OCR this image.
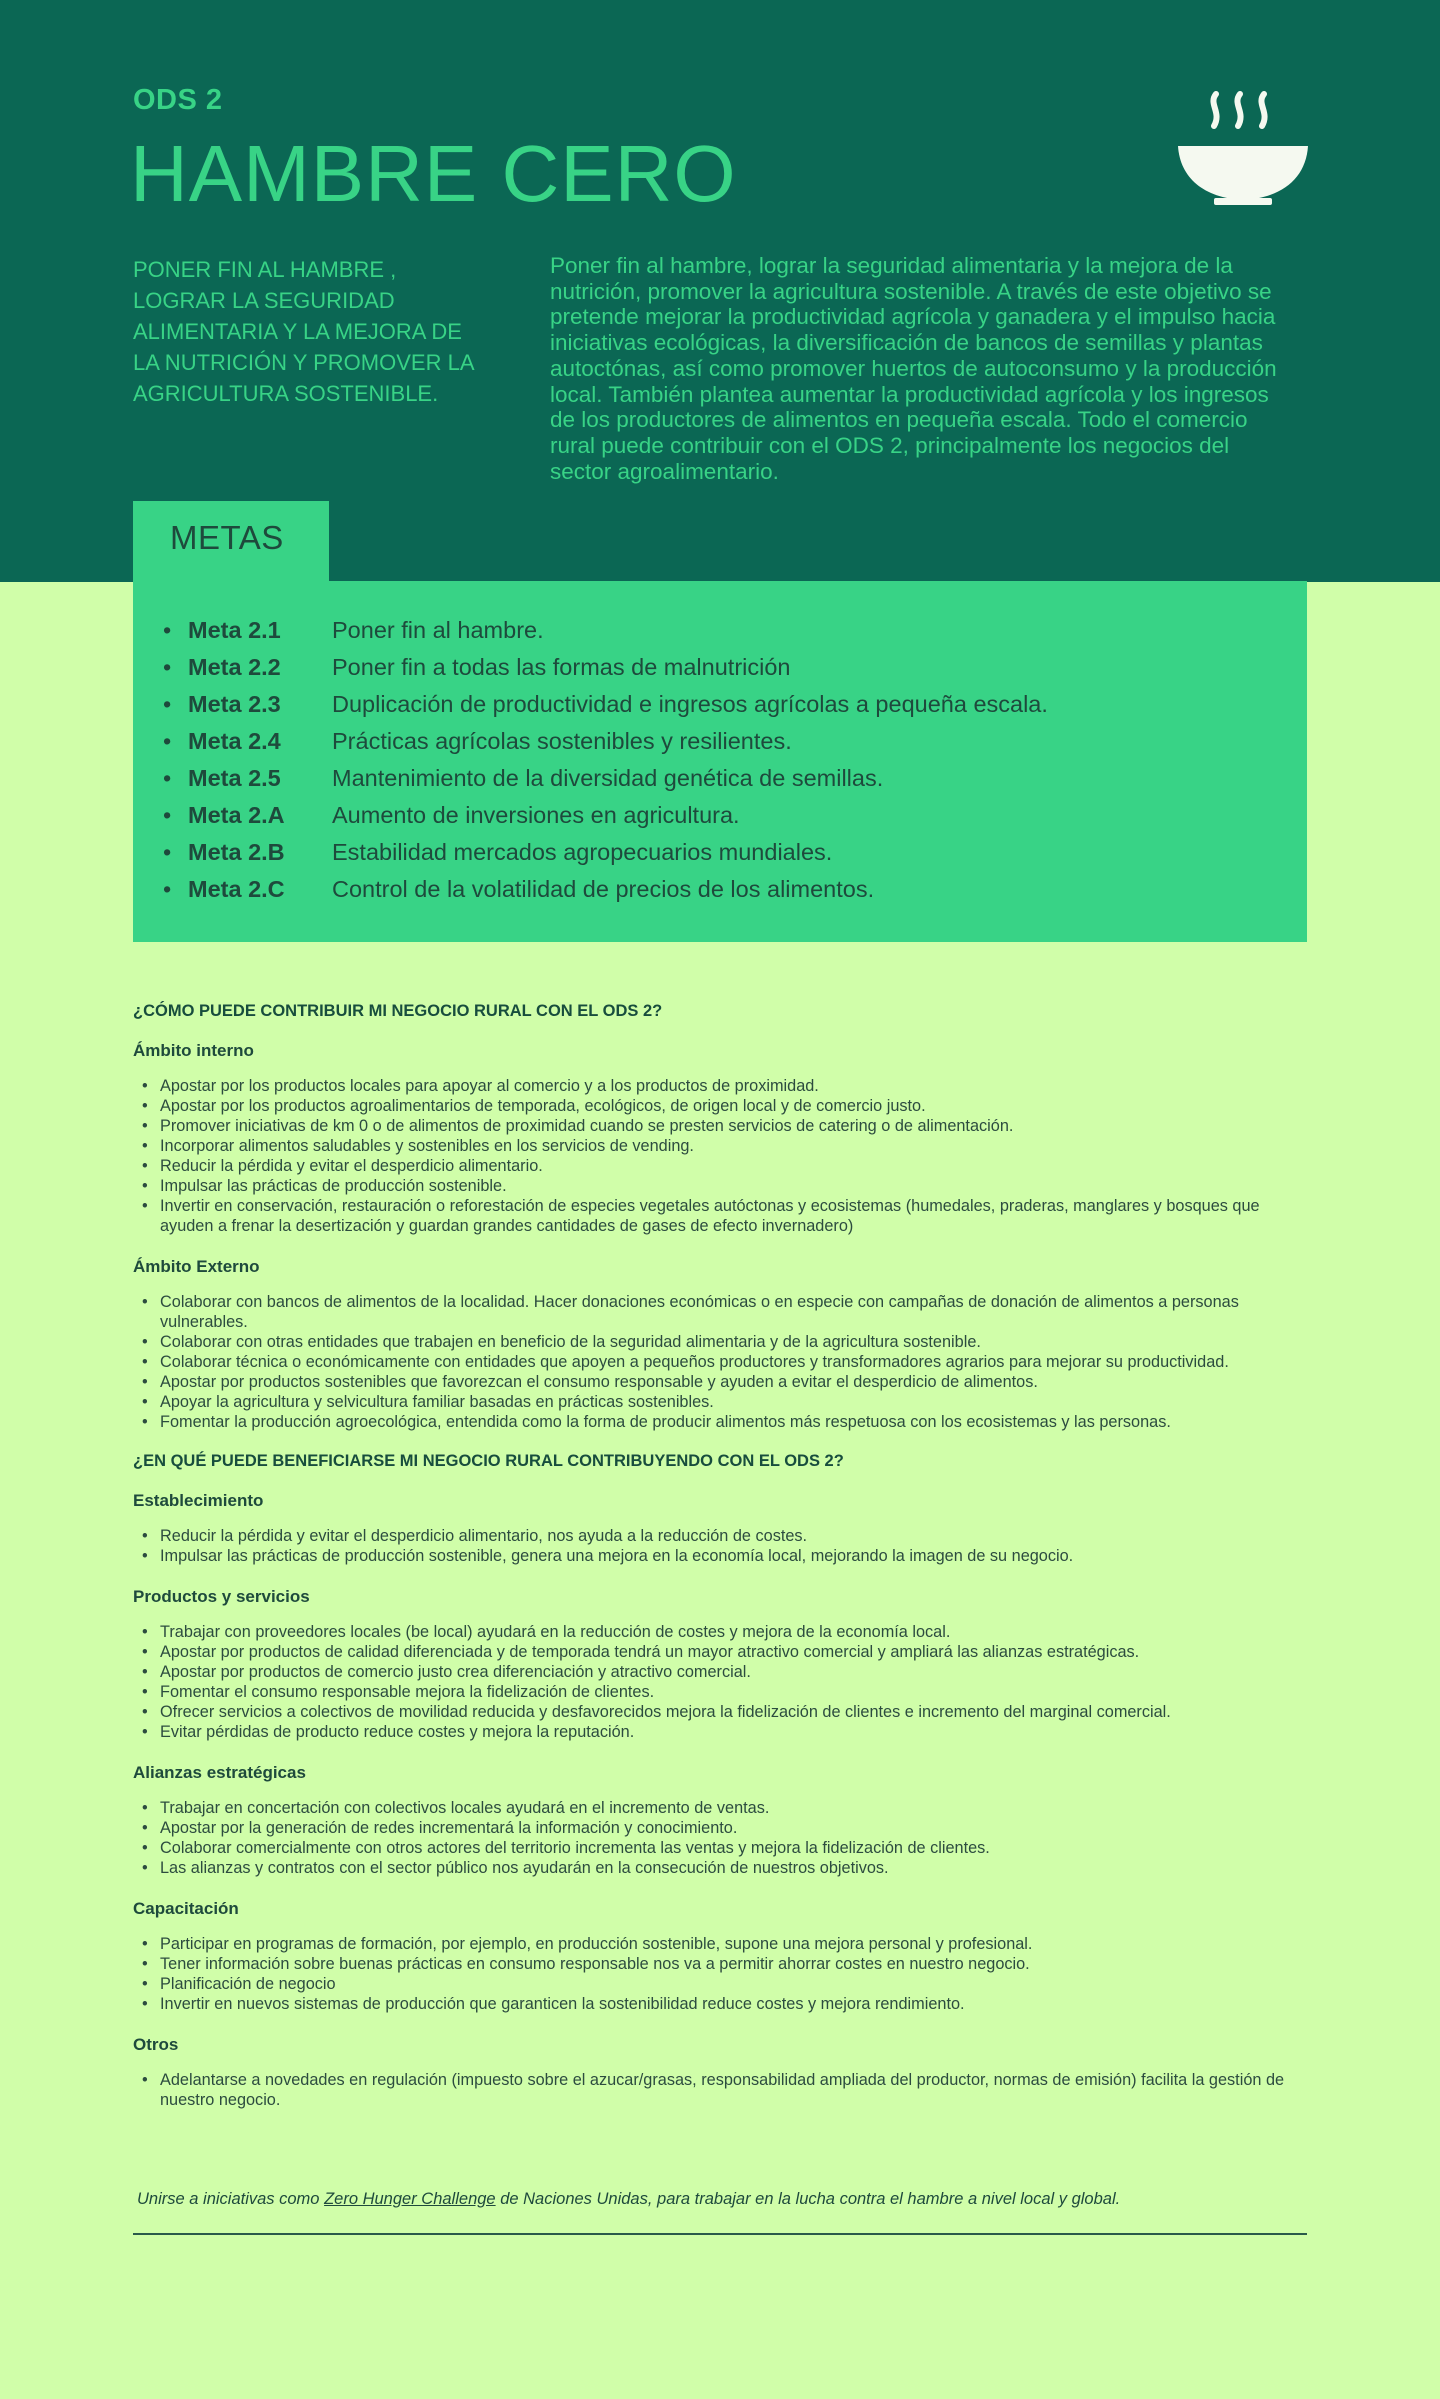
ODS 2
HAMBRE CERO
PONER FIN AL HAMBRE ,
LOGRAR LA SEGURIDAD
ALIMENTARIA Y LA MEJORA DE
LA NUTRICIÓN Y PROMOVER LA
AGRICULTURA SOSTENIBLE.
Poner fin al hambre, lograr la seguridad alimentaria y la mejora de la
nutrición, promover la agricultura sostenible. A través de este objetivo se
pretende mejorar la productividad agrícola y ganadera y el impulso hacia
iniciativas ecológicas, la diversificación de bancos de semillas y plantas
autoctónas, así como promover huertos de autoconsumo y la producción
local. También plantea aumentar la productividad agrícola y los ingresos
de los productores de alimentos en pequeña escala. Todo el comercio
rural puede contribuir con el ODS 2, principalmente los negocios del
sector agroalimentario.
METAS
• Meta 2.1 Poner fin al hambre.
• Meta 2.2 Poner fin a todas las formas de malnutrición
• Meta 2.3 Duplicación de productividad e ingresos agrícolas a pequeña escala.
• Meta 2.4 Prácticas agrícolas sostenibles y resilientes.
• Meta 2.5 Mantenimiento de la diversidad genética de semillas.
• Meta 2.A Aumento de inversiones en agricultura.
• Meta 2.B Estabilidad mercados agropecuarios mundiales.
• Meta 2.C Control de la volatilidad de precios de los alimentos.
¿CÓMO PUEDE CONTRIBUIR MI NEGOCIO RURAL CON EL ODS 2?
Ámbito interno
• Apostar por los productos locales para apoyar al comercio y a los productos de proximidad.
• Apostar por los productos agroalimentarios de temporada, ecológicos, de origen local y de comercio justo.
• Promover iniciativas de km 0 o de alimentos de proximidad cuando se presten servicios de catering o de alimentación.
• Incorporar alimentos saludables y sostenibles en los servicios de vending.
• Reducir la pérdida y evitar el desperdicio alimentario.
• Impulsar las prácticas de producción sostenible.
• Invertir en conservación, restauración o reforestación de especies vegetales autóctonas y ecosistemas (humedales, praderas, manglares y bosques que ayuden a frenar la desertización y guardan grandes cantidades de gases de efecto invernadero)
Ámbito Externo
• Colaborar con bancos de alimentos de la localidad. Hacer donaciones económicas o en especie con campañas de donación de alimentos a personas vulnerables.
• Colaborar con otras entidades que trabajen en beneficio de la seguridad alimentaria y de la agricultura sostenible.
• Colaborar técnica o económicamente con entidades que apoyen a pequeños productores y transformadores agrarios para mejorar su productividad.
• Apostar por productos sostenibles que favorezcan el consumo responsable y ayuden a evitar el desperdicio de alimentos.
• Apoyar la agricultura y selvicultura familiar basadas en prácticas sostenibles.
• Fomentar la producción agroecológica, entendida como la forma de producir alimentos más respetuosa con los ecosistemas y las personas.
¿EN QUÉ PUEDE BENEFICIARSE MI NEGOCIO RURAL CONTRIBUYENDO CON EL ODS 2?
Establecimiento
• Reducir la pérdida y evitar el desperdicio alimentario, nos ayuda a la reducción de costes.
• Impulsar las prácticas de producción sostenible, genera una mejora en la economía local, mejorando la imagen de su negocio.
Productos y servicios
• Trabajar con proveedores locales (be local) ayudará en la reducción de costes y mejora de la economía local.
• Apostar por productos de calidad diferenciada y de temporada tendrá un mayor atractivo comercial y ampliará las alianzas estratégicas.
• Apostar por productos de comercio justo crea diferenciación y atractivo comercial.
• Fomentar el consumo responsable mejora la fidelización de clientes.
• Ofrecer servicios a colectivos de movilidad reducida y desfavorecidos mejora la fidelización de clientes e incremento del marginal comercial.
• Evitar pérdidas de producto reduce costes y mejora la reputación.
Alianzas estratégicas
• Trabajar en concertación con colectivos locales ayudará en el incremento de ventas.
• Apostar por la generación de redes incrementará la información y conocimiento.
• Colaborar comercialmente con otros actores del territorio incrementa las ventas y mejora la fidelización de clientes.
• Las alianzas y contratos con el sector público nos ayudarán en la consecución de nuestros objetivos.
Capacitación
• Participar en programas de formación, por ejemplo, en producción sostenible, supone una mejora personal y profesional.
• Tener información sobre buenas prácticas en consumo responsable nos va a permitir ahorrar costes en nuestro negocio.
• Planificación de negocio
• Invertir en nuevos sistemas de producción que garanticen la sostenibilidad reduce costes y mejora rendimiento.
Otros
• Adelantarse a novedades en regulación (impuesto sobre el azucar/grasas, responsabilidad ampliada del productor, normas de emisión) facilita la gestión de nuestro negocio.
Unirse a iniciativas como Zero Hunger Challenge de Naciones Unidas, para trabajar en la lucha contra el hambre a nivel local y global.
